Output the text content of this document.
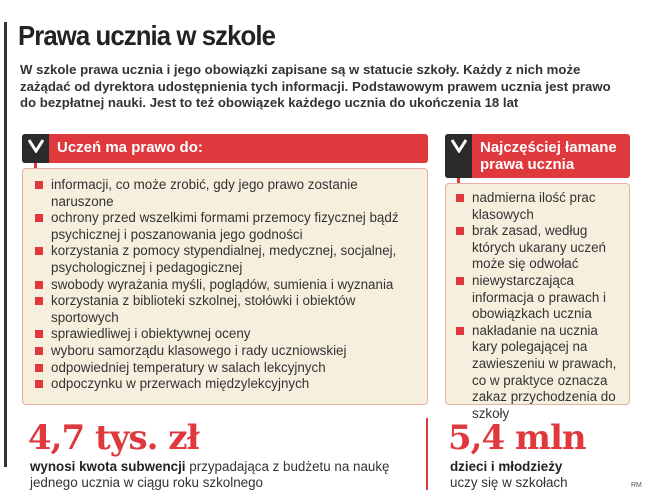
Prawa ucznia w szkole
W szkole prawa ucznia i jego obowiązki zapisane są w statucie szkoły. Każdy z nich może zażądać od dyrektora udostępnienia tych informacji. Podstawowym prawem ucznia jest prawo do bezpłatnej nauki. Jest to też obowiązek każdego ucznia do ukończenia 18 lat
Uczeń ma prawo do:
informacji, co może zrobić, gdy jego prawo zostanie naruszone
ochrony przed wszelkimi formami przemocy fizycznej bądź psychicznej i poszanowania jego godności
korzystania z pomocy stypendialnej, medycznej, socjalnej, psychologicznej i pedagogicznej
swobody wyrażania myśli, poglądów, sumienia i wyznania
korzystania z biblioteki szkolnej, stołówki i obiektów sportowych
sprawiedliwej i obiektywnej oceny
wyboru samorządu klasowego i rady uczniowskiej
odpowiedniej temperatury w salach lekcyjnych
odpoczynku w przerwach międzylekcyjnych
Najczęściej łamane prawa ucznia
nadmierna ilość prac klasowych
brak zasad, według których ukarany uczeń może się odwołać
niewystarczająca informacja o prawach i obowiązkach ucznia
nakładanie na ucznia kary polegającej na zawieszeniu w prawach, co w praktyce oznacza zakaz przychodzenia do szkoły
4,7 tys. zł
wynosi kwota subwencji przypadająca z budżetu na naukę jednego ucznia w ciągu roku szkolnego
5,4 mln
dzieci i młodzieży
uczy się w szkołach	RM
